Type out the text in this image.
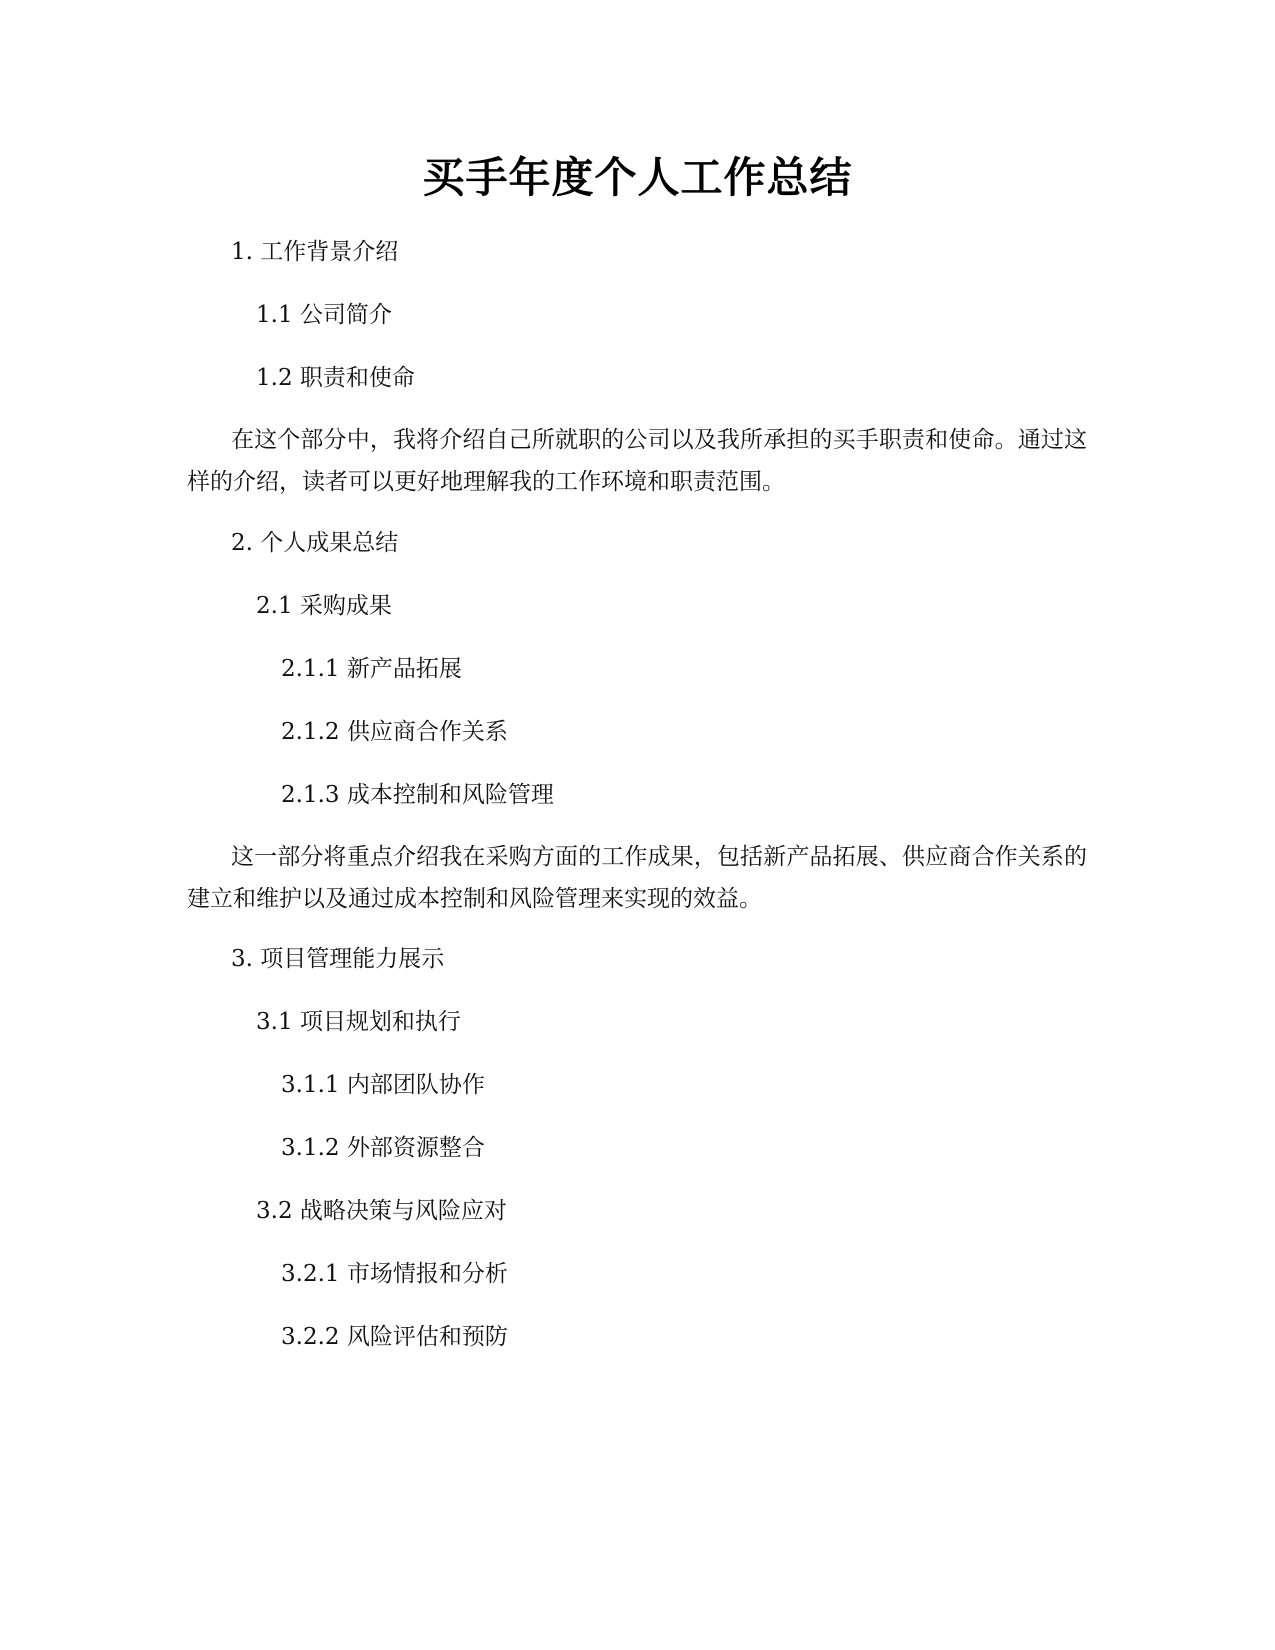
买手年度个人工作总结
1. 工作背景介绍
1.1 公司简介
1.2 职责和使命
在这个部分中，我将介绍自己所就职的公司以及我所承担的买手职责和使命。通过这样的介绍，读者可以更好地理解我的工作环境和职责范围。
2. 个人成果总结
2.1 采购成果
2.1.1 新产品拓展
2.1.2 供应商合作关系
2.1.3 成本控制和风险管理
这一部分将重点介绍我在采购方面的工作成果，包括新产品拓展、供应商合作关系的建立和维护以及通过成本控制和风险管理来实现的效益。
3. 项目管理能力展示
3.1 项目规划和执行
3.1.1 内部团队协作
3.1.2 外部资源整合
3.2 战略决策与风险应对
3.2.1 市场情报和分析
3.2.2 风险评估和预防
